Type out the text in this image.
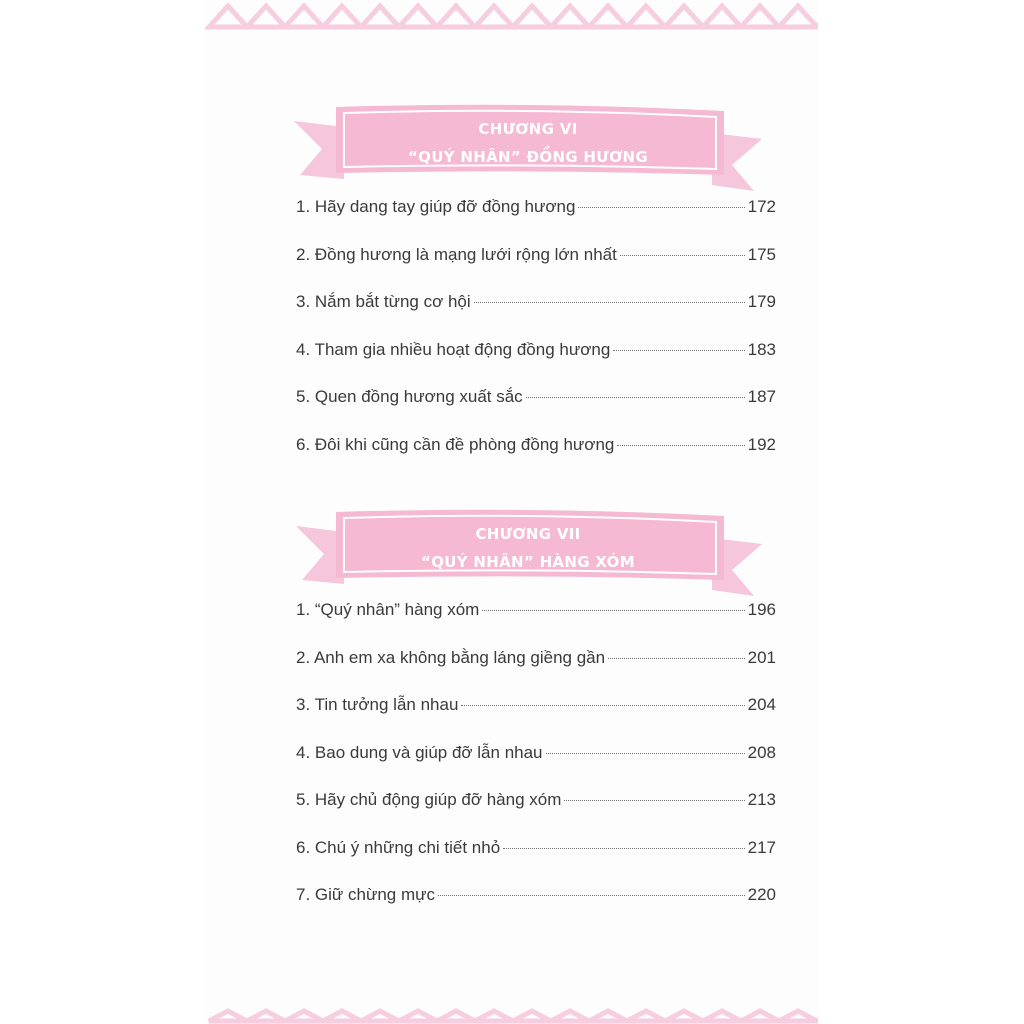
CHƯƠNG VI
“QUÝ NHÂN” ĐỒNG HƯƠNG
1. Hãy dang tay giúp đỡ đồng hương	172
2. Đồng hương là mạng lưới rộng lớn nhất	175
3. Nắm bắt từng cơ hội	179
4. Tham gia nhiều hoạt động đồng hương	183
5. Quen đồng hương xuất sắc	187
6. Đôi khi cũng cần đề phòng đồng hương	192
CHƯƠNG VII
“QUÝ NHÂN” HÀNG XÓM
1. “Quý nhân” hàng xóm	196
2. Anh em xa không bằng láng giềng gần	201
3. Tin tưởng lẫn nhau	204
4. Bao dung và giúp đỡ lẫn nhau	208
5. Hãy chủ động giúp đỡ hàng xóm	213
6. Chú ý những chi tiết nhỏ	217
7. Giữ chừng mực	220
